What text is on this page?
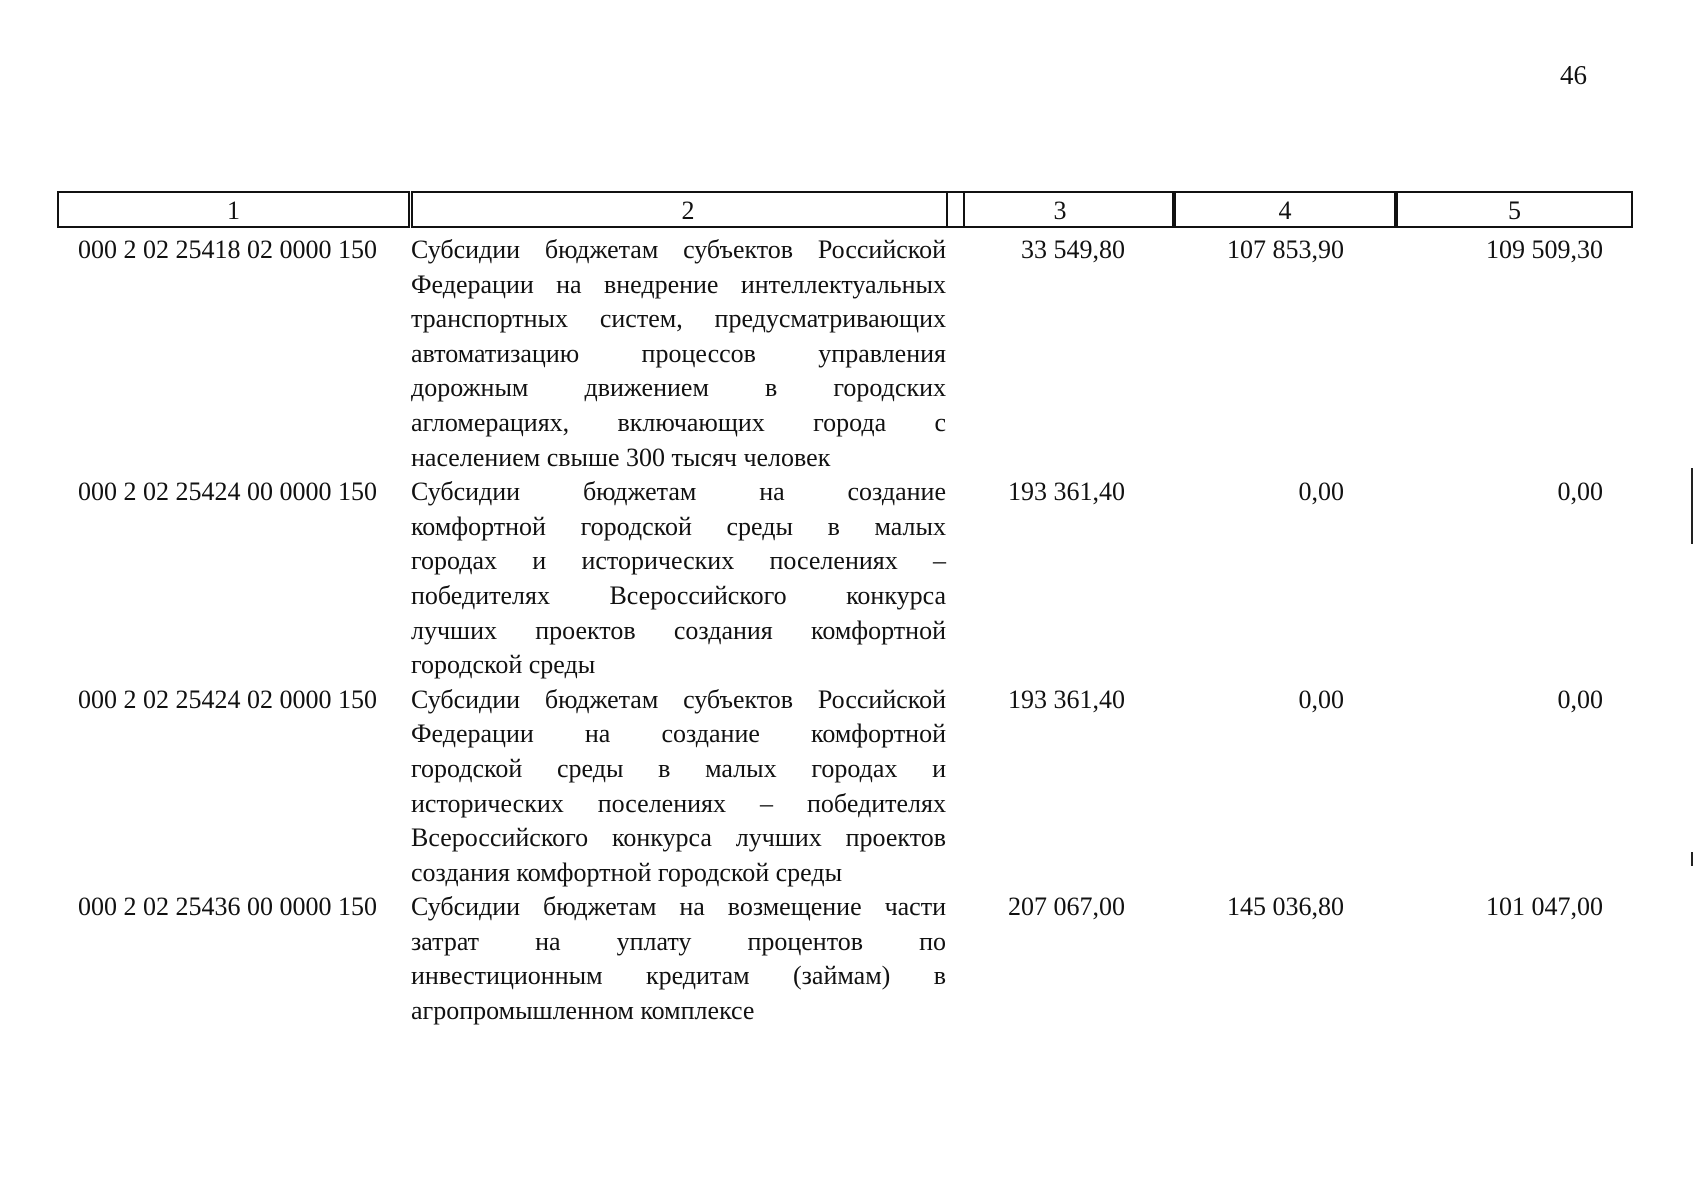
46
1	2	3	4	5
000 2 02 25418 02 0000 150	Субсидии бюджетам субъектов Российской
Федерации на внедрение интеллектуальных
транспортных систем, предусматривающих
автоматизацию процессов управления
дорожным движением в городских
агломерациях, включающих города с
населением свыше 300 тысяч человек
33 549,80	107 853,90	109 509,30
000 2 02 25424 00 0000 150	Субсидии бюджетам на создание
комфортной городской среды в малых
городах и исторических поселениях –
победителях Всероссийского конкурса
лучших проектов создания комфортной
городской среды
193 361,40	0,00	0,00
000 2 02 25424 02 0000 150	Субсидии бюджетам субъектов Российской
Федерации на создание комфортной
городской среды в малых городах и
исторических поселениях – победителях
Всероссийского конкурса лучших проектов
создания комфортной городской среды
193 361,40	0,00	0,00
000 2 02 25436 00 0000 150	Субсидии бюджетам на возмещение части
затрат на уплату процентов по
инвестиционным кредитам (займам) в
агропромышленном комплексе
207 067,00	145 036,80	101 047,00
